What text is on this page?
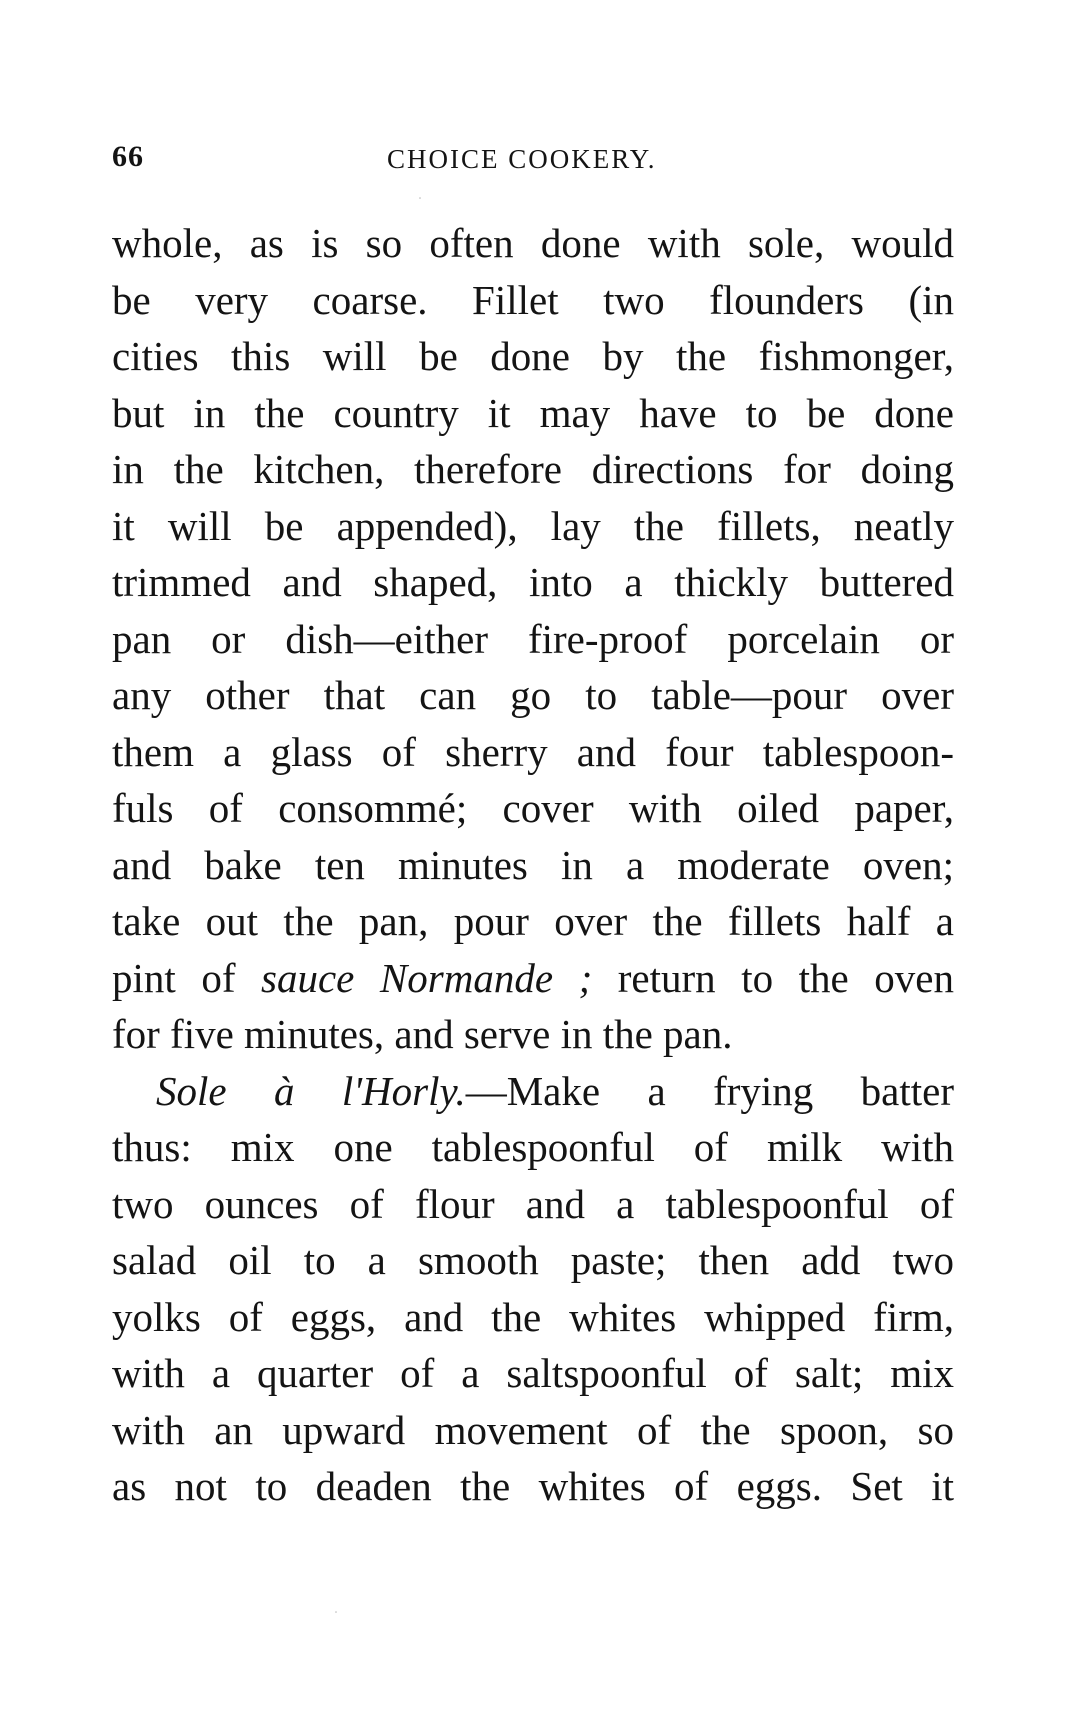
66	CHOICE COOKERY.
whole, as is so often done with sole, would
be very coarse. Fillet two flounders (in
cities this will be done by the fishmonger,
but in the country it may have to be done
in the kitchen, therefore directions for doing
it will be appended), lay the fillets, neatly
trimmed and shaped, into a thickly buttered
pan or dish—either fire-proof porcelain or
any other that can go to table—pour over
them a glass of sherry and four tablespoon-
fuls of consommé; cover with oiled paper,
and bake ten minutes in a moderate oven;
take out the pan, pour over the fillets half a
pint of sauce Normande ; return to the oven
for five minutes, and serve in the pan.
Sole à l'Horly.—Make a frying batter
thus: mix one tablespoonful of milk with
two ounces of flour and a tablespoonful of
salad oil to a smooth paste; then add two
yolks of eggs, and the whites whipped firm,
with a quarter of a saltspoonful of salt; mix
with an upward movement of the spoon, so
as not to deaden the whites of eggs. Set it
